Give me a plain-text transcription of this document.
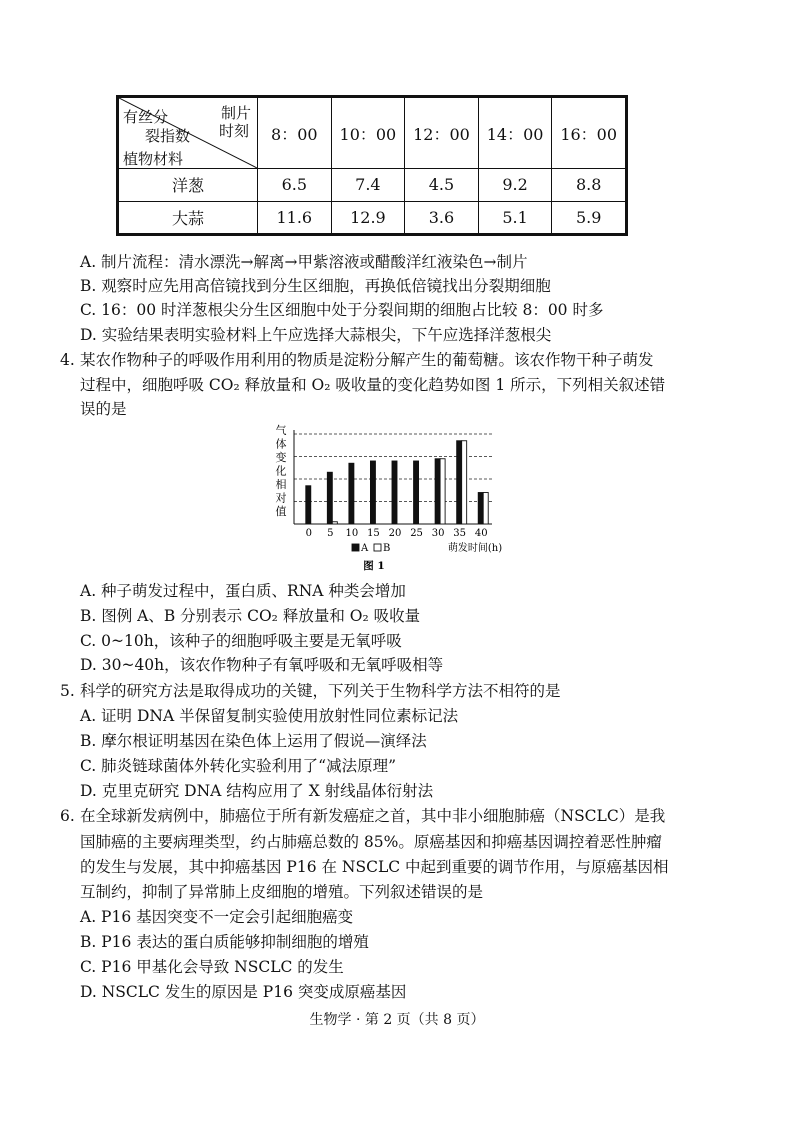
制片
时刻
有丝分
裂指数
植物材料	8：00	10：00	12：00	14：00	16：00
洋葱	6.5	7.4	4.5	9.2	8.8
大蒜	11.6	12.9	3.6	5.1	5.9
A. 制片流程：清水漂洗→解离→甲紫溶液或醋酸洋红液染色→制片
B. 观察时应先用高倍镜找到分生区细胞，再换低倍镜找出分裂期细胞
C. 16：00 时洋葱根尖分生区细胞中处于分裂间期的细胞占比较 8：00 时多
D. 实验结果表明实验材料上午应选择大蒜根尖，下午应选择洋葱根尖
4. 某农作物种子的呼吸作用利用的物质是淀粉分解产生的葡萄糖。该农作物干种子萌发
过程中，细胞呼吸 CO₂ 释放量和 O₂ 吸收量的变化趋势如图 1 所示，下列相关叙述错
误的是
气
体
变
化
相
对
值
0 5 10 15 20 25 30 35 40
A B	萌发时间(h)
图 1
A. 种子萌发过程中，蛋白质、RNA 种类会增加
B. 图例 A、B 分别表示 CO₂ 释放量和 O₂ 吸收量
C. 0~10h，该种子的细胞呼吸主要是无氧呼吸
D. 30~40h，该农作物种子有氧呼吸和无氧呼吸相等
5. 科学的研究方法是取得成功的关键，下列关于生物科学方法不相符的是
A. 证明 DNA 半保留复制实验使用放射性同位素标记法
B. 摩尔根证明基因在染色体上运用了假说—演绎法
C. 肺炎链球菌体外转化实验利用了“减法原理”
D. 克里克研究 DNA 结构应用了 X 射线晶体衍射法
6. 在全球新发病例中，肺癌位于所有新发癌症之首，其中非小细胞肺癌（NSCLC）是我
国肺癌的主要病理类型，约占肺癌总数的 85%。原癌基因和抑癌基因调控着恶性肿瘤
的发生与发展，其中抑癌基因 P16 在 NSCLC 中起到重要的调节作用，与原癌基因相
互制约，抑制了异常肺上皮细胞的增殖。下列叙述错误的是
A. P16 基因突变不一定会引起细胞癌变
B. P16 表达的蛋白质能够抑制细胞的增殖
C. P16 甲基化会导致 NSCLC 的发生
D. NSCLC 发生的原因是 P16 突变成原癌基因
生物学 · 第 2 页（共 8 页）
